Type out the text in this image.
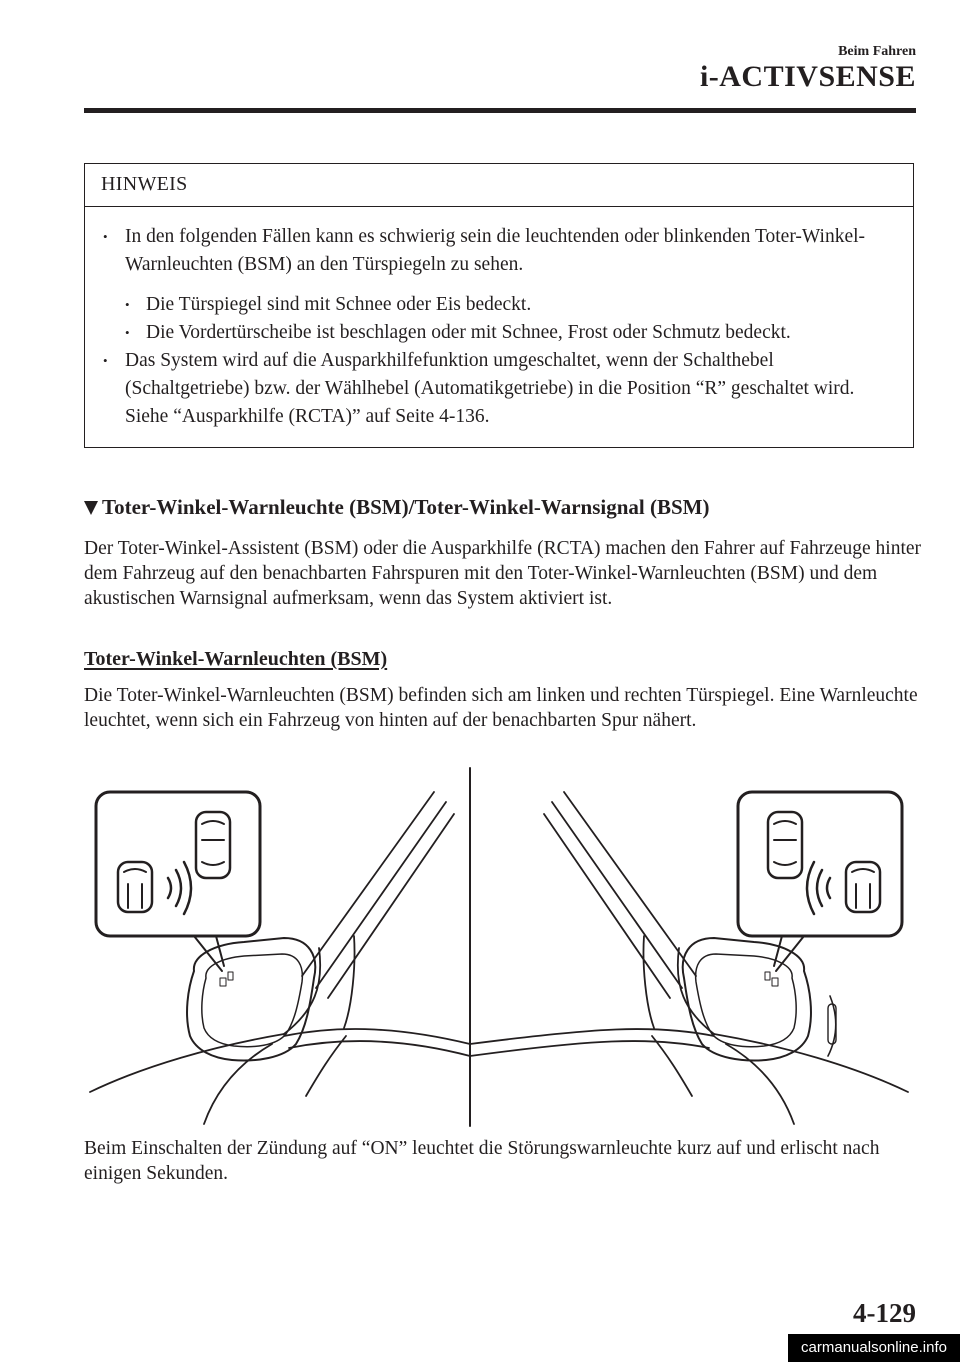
Beim Fahren
i-ACTIVSENSE
HINWEIS
• In den folgenden Fällen kann es schwierig sein die leuchtenden oder blinkenden Toter-Winkel-Warnleuchten (BSM) an den Türspiegeln zu sehen.
• Die Türspiegel sind mit Schnee oder Eis bedeckt.
• Die Vordertürscheibe ist beschlagen oder mit Schnee, Frost oder Schmutz bedeckt.
• Das System wird auf die Ausparkhilfefunktion umgeschaltet, wenn der Schalthebel (Schaltgetriebe) bzw. der Wählhebel (Automatikgetriebe) in die Position “R” geschaltet wird.
Siehe “Ausparkhilfe (RCTA)” auf Seite 4-136.
Toter-Winkel-Warnleuchte (BSM)/Toter-Winkel-Warnsignal (BSM)
Der Toter-Winkel-Assistent (BSM) oder die Ausparkhilfe (RCTA) machen den Fahrer auf Fahrzeuge hinter dem Fahrzeug auf den benachbarten Fahrspuren mit den Toter-Winkel-Warnleuchten (BSM) und dem akustischen Warnsignal aufmerksam, wenn das System aktiviert ist.
Toter-Winkel-Warnleuchten (BSM)
Die Toter-Winkel-Warnleuchten (BSM) befinden sich am linken und rechten Türspiegel. Eine Warnleuchte leuchtet, wenn sich ein Fahrzeug von hinten auf der benachbarten Spur nähert.
Beim Einschalten der Zündung auf “ON” leuchtet die Störungswarnleuchte kurz auf und erlischt nach einigen Sekunden.
4-129
carmanualsonline.info
